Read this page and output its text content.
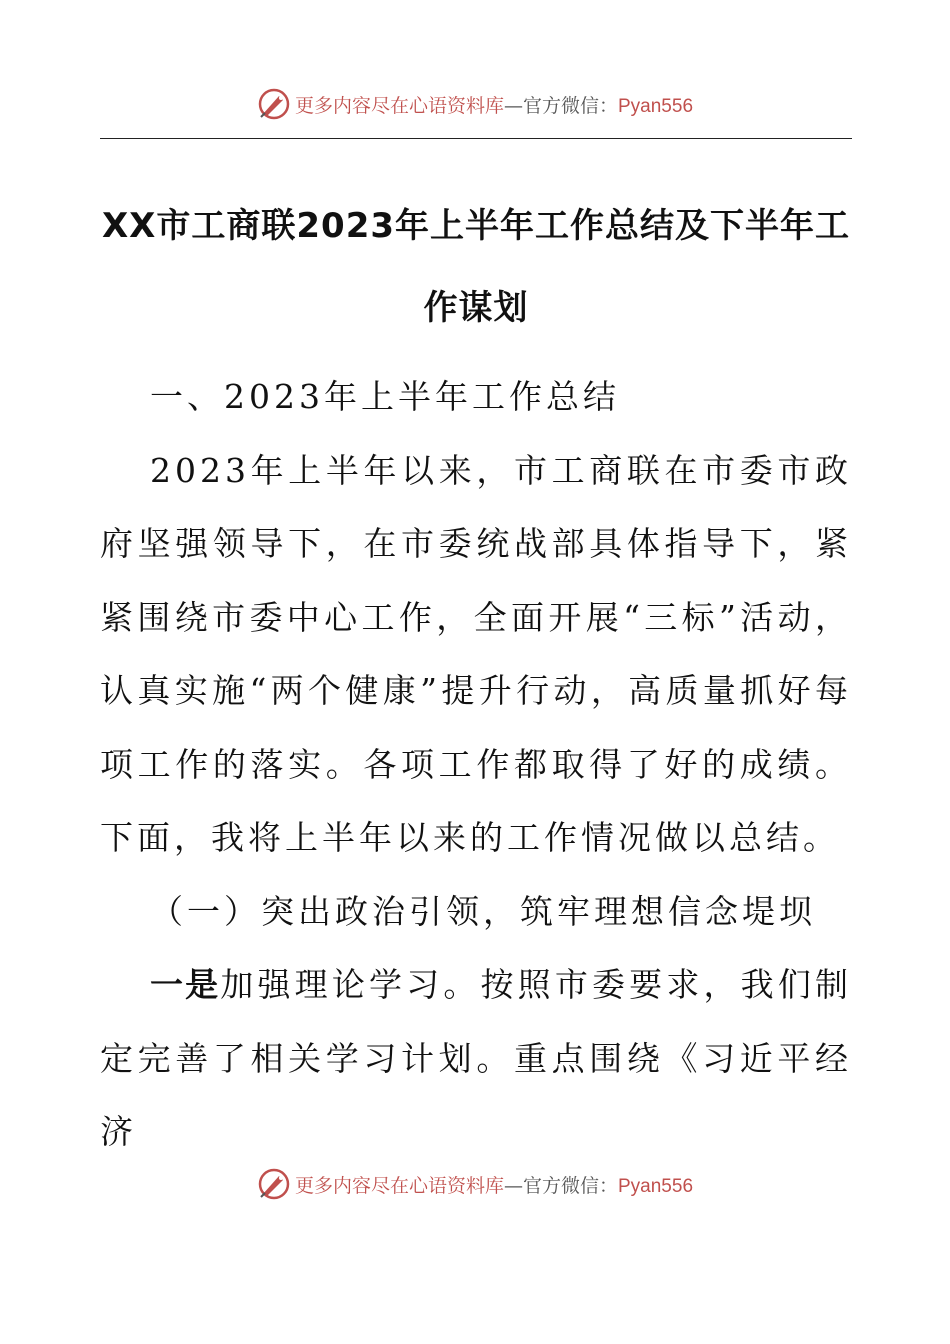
更多内容尽在心语资料库—官方微信：Pyan556
XX市工商联2023年上半年工作总结及下半年工作谋划

一、2023年上半年工作总结

2023年上半年以来，市工商联在市委市政府坚强领导下，在市委统战部具体指导下，紧紧围绕市委中心工作，全面开展“三标”活动，认真实施“两个健康”提升行动，高质量抓好每项工作的落实。各项工作都取得了好的成绩。下面，我将上半年以来的工作情况做以总结。

（一）突出政治引领，筑牢理想信念堤坝

一是加强理论学习。按照市委要求，我们制定完善了相关学习计划。重点围绕《习近平经济

更多内容尽在心语资料库—官方微信：Pyan556
